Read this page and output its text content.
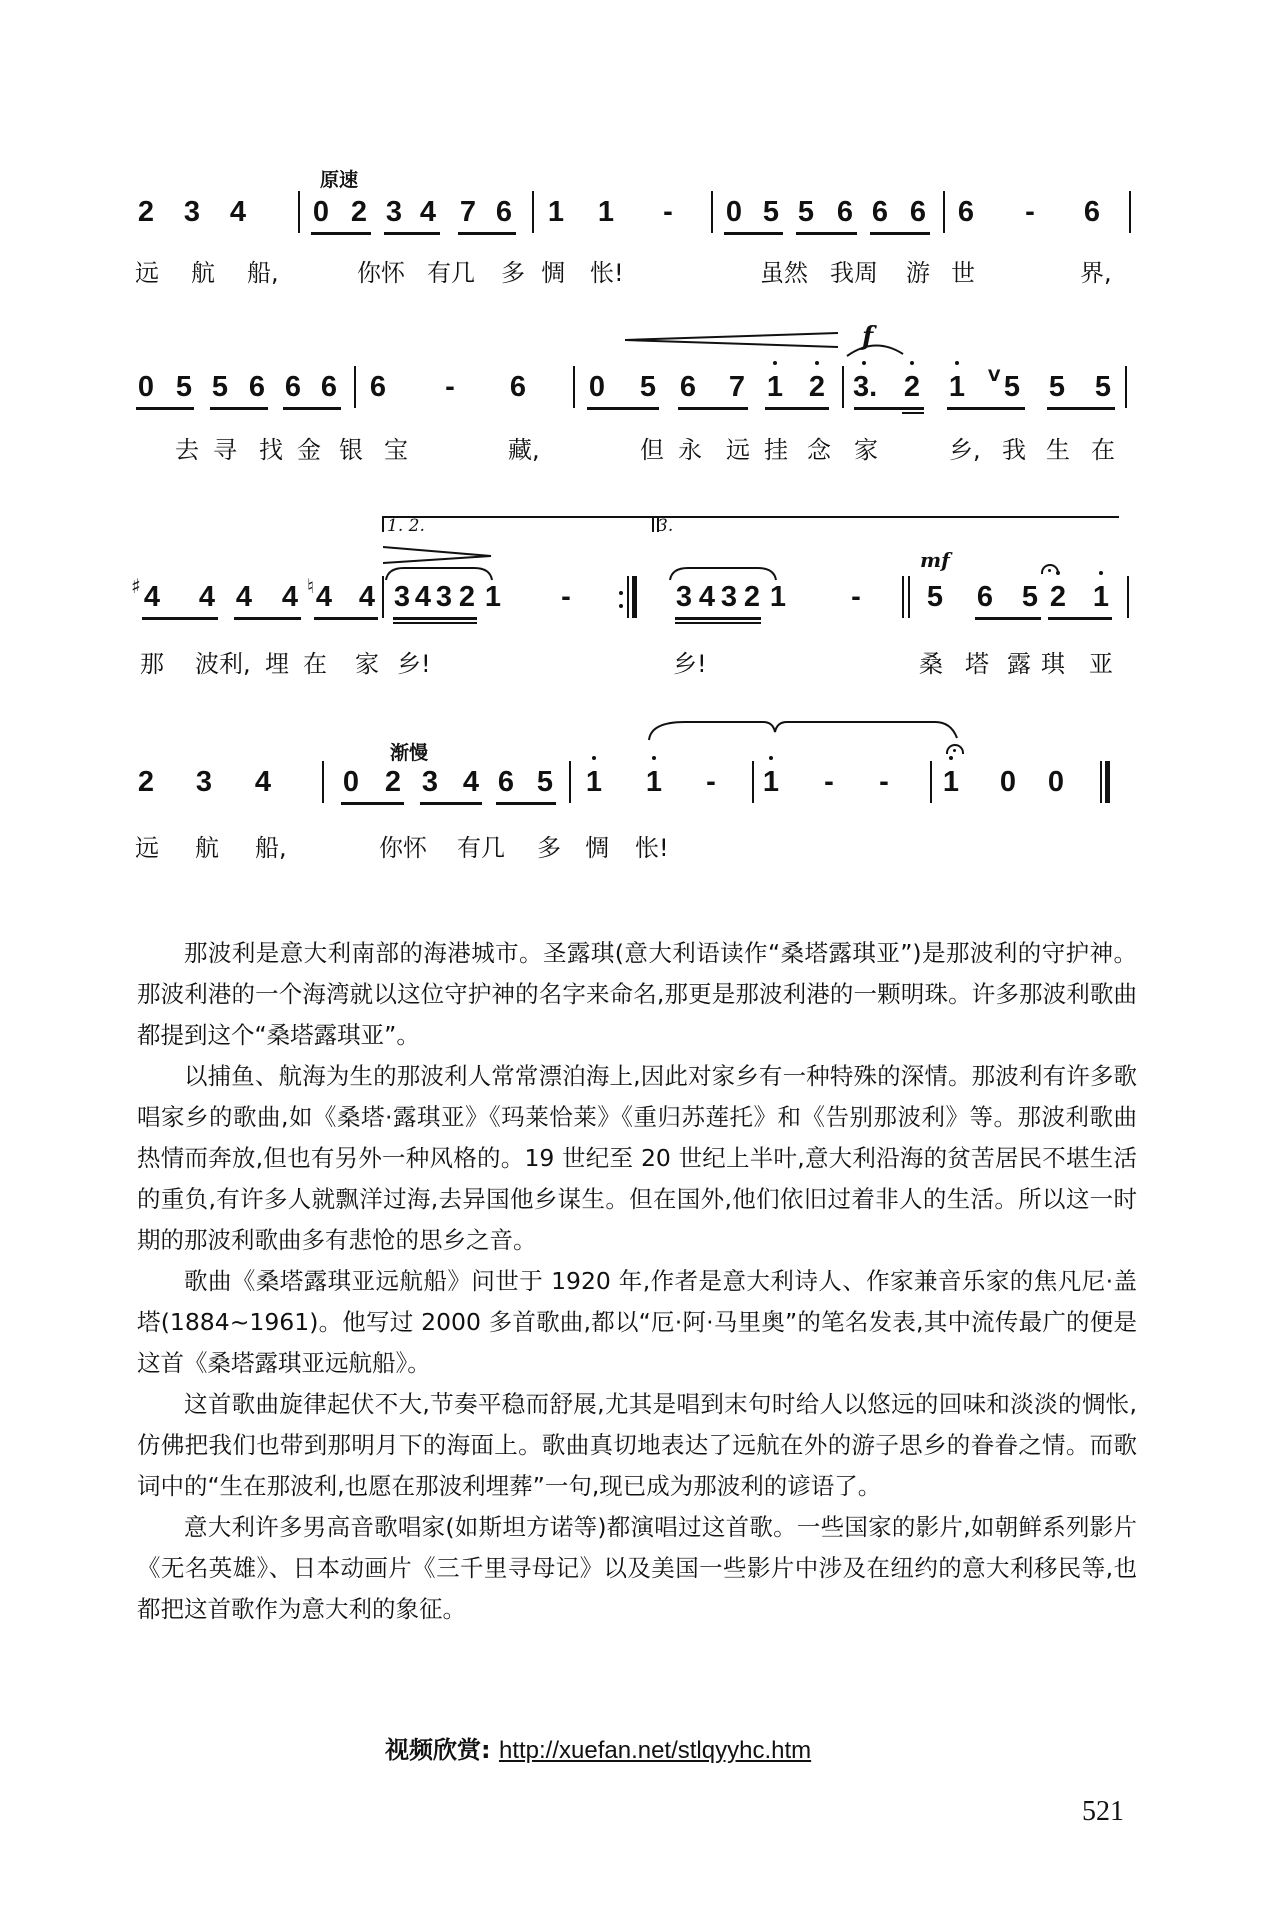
原速
2 3 4 0 2 3 4 7 6 1 1 - 0 5 5 6 6 6 6 - 6
远 航 船,	你怀 有几 多 惆 怅!	虽然 我周 游 世	界,
f
0 5 5 6 6 6 6 - 6 0 5 6 7 1 2 3. 2 1 V 5 5 5
去 寻 找 金 银 宝	藏,	但 永 远 挂 念 家	乡, 我 生 在
1. 2.	3.
mf
♯ 4 4 4 4 ♮ 4 4 3 4 3 2 1 -	3 4 3 2 1 - 5 6 5 2 1
那 波利, 埋 在 家 乡!	乡!	桑 塔 露 琪 亚
渐慢
2 3 4 0 2 3 4 6 5 1 1 - 1 - - 1 0 0
远 航 船,	你怀 有几 多 惆 怅!

那波利是意大利南部的海港城市。圣露琪(意大利语读作“桑塔露琪亚”)是那波利的守护神。那波利港的一个海湾就以这位守护神的名字来命名,那更是那波利港的一颗明珠。许多那波利歌曲都提到这个“桑塔露琪亚”。

以捕鱼、航海为生的那波利人常常漂泊海上,因此对家乡有一种特殊的深情。那波利有许多歌唱家乡的歌曲,如《桑塔·露琪亚》《玛莱恰莱》《重归苏莲托》和《告别那波利》等。那波利歌曲热情而奔放,但也有另外一种风格的。19 世纪至 20 世纪上半叶,意大利沿海的贫苦居民不堪生活的重负,有许多人就飘洋过海,去异国他乡谋生。但在国外,他们依旧过着非人的生活。所以这一时期的那波利歌曲多有悲怆的思乡之音。

歌曲《桑塔露琪亚远航船》问世于 1920 年,作者是意大利诗人、作家兼音乐家的焦凡尼·盖塔(1884~1961)。他写过 2000 多首歌曲,都以“厄·阿·马里奥”的笔名发表,其中流传最广的便是这首《桑塔露琪亚远航船》。

这首歌曲旋律起伏不大,节奏平稳而舒展,尤其是唱到末句时给人以悠远的回味和淡淡的惆怅,仿佛把我们也带到那明月下的海面上。歌曲真切地表达了远航在外的游子思乡的眷眷之情。而歌词中的“生在那波利,也愿在那波利埋葬”一句,现已成为那波利的谚语了。

意大利许多男高音歌唱家(如斯坦方诺等)都演唱过这首歌。一些国家的影片,如朝鲜系列影片《无名英雄》、日本动画片《三千里寻母记》以及美国一些影片中涉及在纽约的意大利移民等,也都把这首歌作为意大利的象征。

视频欣赏: http://xuefan.net/stlqyyhc.htm
521
